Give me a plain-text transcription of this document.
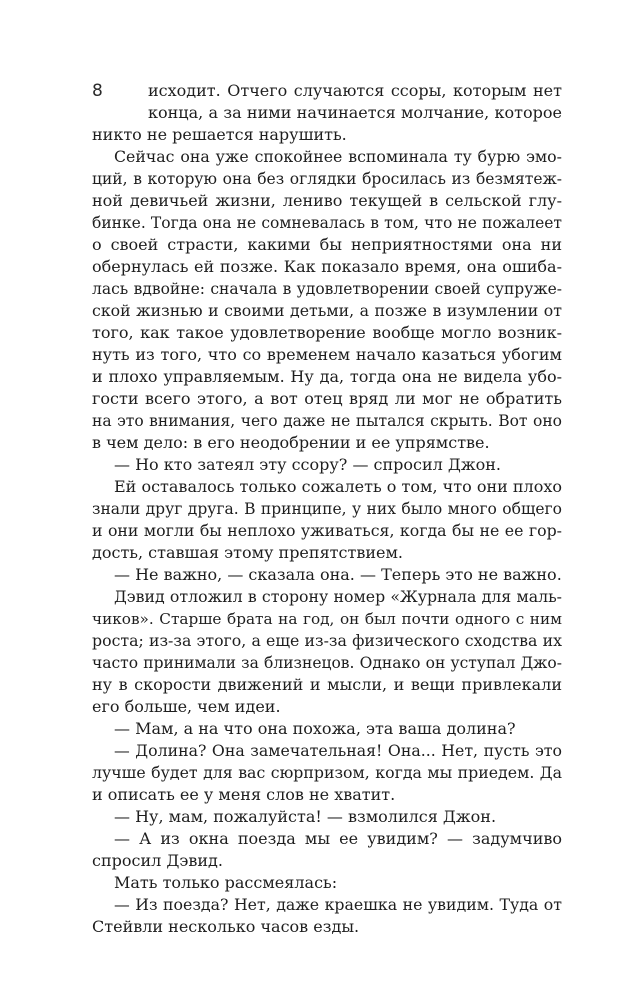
8	исходит. Отчего случаются ссоры, которым нет
конца, а за ними начинается молчание, которое
никто не решается нарушить.
Сейчас она уже спокойнее вспоминала ту бурю эмо-
ций, в которую она без оглядки бросилась из безмятеж-
ной девичьей жизни, лениво текущей в сельской глу-
бинке. Тогда она не сомневалась в том, что не пожалеет
о своей страсти, какими бы неприятностями она ни
обернулась ей позже. Как показало время, она ошиба-
лась вдвойне: сначала в удовлетворении своей супруже-
ской жизнью и своими детьми, а позже в изумлении от
того, как такое удовлетворение вообще могло возник-
нуть из того, что со временем начало казаться убогим
и плохо управляемым. Ну да, тогда она не видела убо-
гости всего этого, а вот отец вряд ли мог не обратить
на это внимания, чего даже не пытался скрыть. Вот оно
в чем дело: в его неодобрении и ее упрямстве.
— Но кто затеял эту ссору? — спросил Джон.
Ей оставалось только сожалеть о том, что они плохо
знали друг друга. В принципе, у них было много общего
и они могли бы неплохо уживаться, когда бы не ее гор-
дость, ставшая этому препятствием.
— Не важно, — сказала она. — Теперь это не важно.
Дэвид отложил в сторону номер «Журнала для маль-
чиков». Старше брата на год, он был почти одного с ним
роста; из-за этого, а еще из-за физического сходства их
часто принимали за близнецов. Однако он уступал Джо-
ну в скорости движений и мысли, и вещи привлекали
его больше, чем идеи.
— Мам, а на что она похожа, эта ваша долина?
— Долина? Она замечательная! Она... Нет, пусть это
лучше будет для вас сюрпризом, когда мы приедем. Да
и описать ее у меня слов не хватит.
— Ну, мам, пожалуйста! — взмолился Джон.
— А из окна поезда мы ее увидим? — задумчиво
спросил Дэвид.
Мать только рассмеялась:
— Из поезда? Нет, даже краешка не увидим. Туда от
Стейвли несколько часов езды.
